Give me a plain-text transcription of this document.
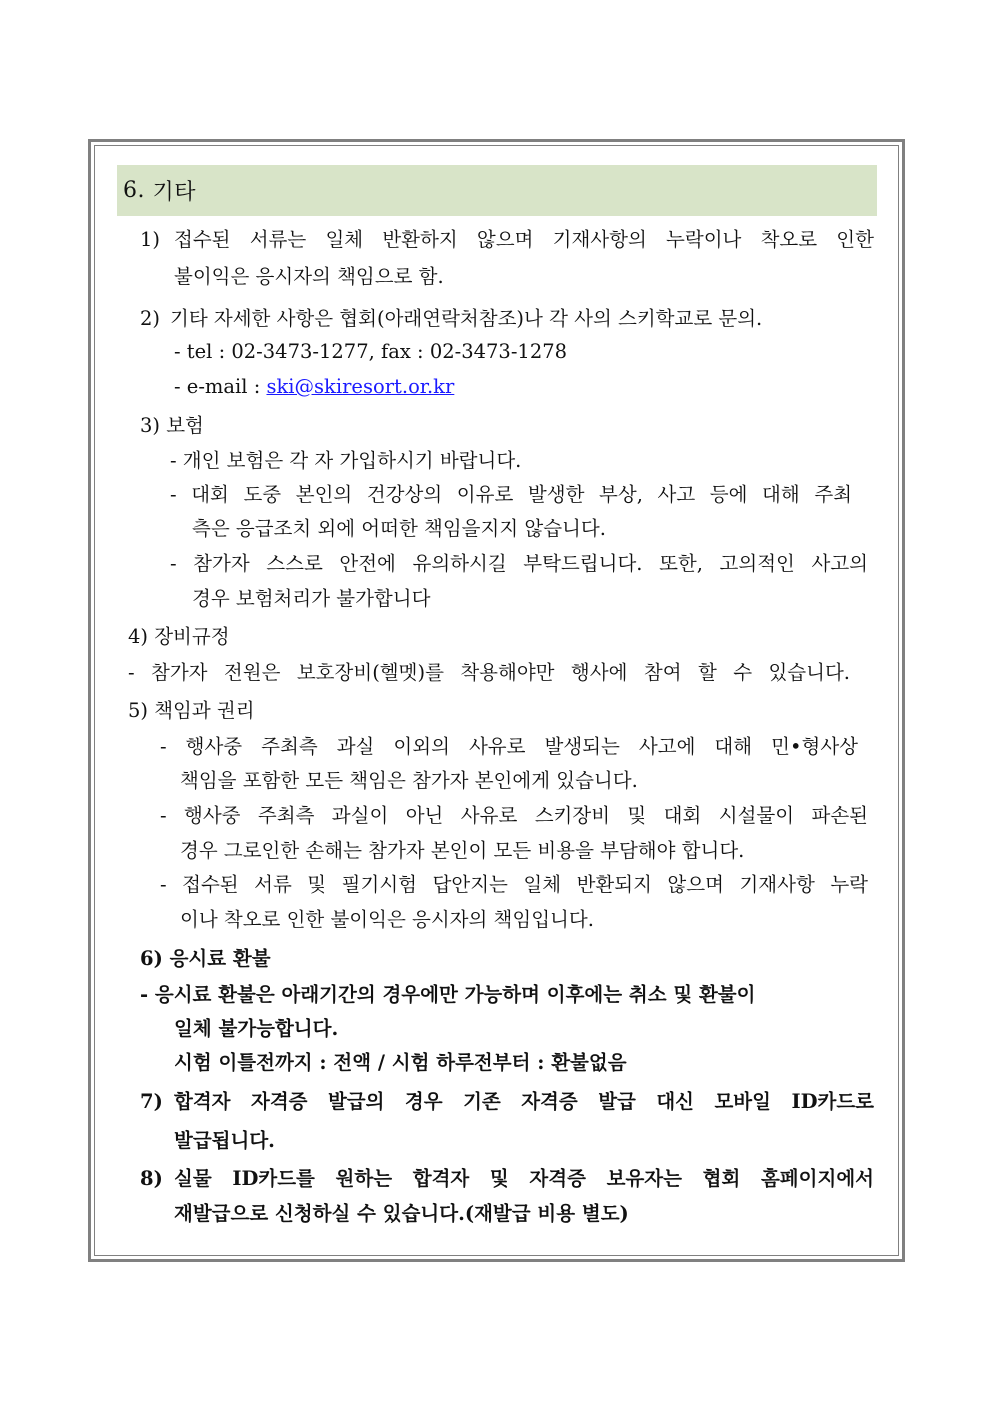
6.
기타
1) 접수된 서류는 일체 반환하지 않으며 기재사항의 누락이나 착오로 인한
불이익은 응시자의 책임으로 함.
2) 기타 자세한 사항은 협회(아래연락처참조)나 각 사의 스키학교로 문의.
- tel : 02-3473-1277, fax : 02-3473-1278
- e-mail : ski@skiresort.or.kr
3) 보험
- 개인 보험은 각 자 가입하시기 바랍니다.
- 대회 도중 본인의 건강상의 이유로 발생한 부상, 사고 등에 대해 주최
측은 응급조치 외에 어떠한 책임을지지 않습니다.
- 참가자 스스로 안전에 유의하시길 부탁드립니다. 또한, 고의적인 사고의
경우 보험처리가 불가합니다
4) 장비규정
- 참가자 전원은 보호장비(헬멧)를 착용해야만 행사에 참여 할 수 있습니다.
5) 책임과 권리
- 행사중 주최측 과실 이외의 사유로 발생되는 사고에 대해 민•형사상
책임을 포함한 모든 책임은 참가자 본인에게 있습니다.
- 행사중 주최측 과실이 아닌 사유로 스키장비 및 대회 시설물이 파손된
경우 그로인한 손해는 참가자 본인이 모든 비용을 부담해야 합니다.
- 접수된 서류 및 필기시험 답안지는 일체 반환되지 않으며 기재사항 누락
이나 착오로 인한 불이익은 응시자의 책임입니다.
6) 응시료 환불
- 응시료 환불은 아래기간의 경우에만 가능하며 이후에는 취소 및 환불이
일체 불가능합니다.
시험 이틀전까지 : 전액 / 시험 하루전부터 : 환불없음
7) 합격자 자격증 발급의 경우 기존 자격증 발급 대신 모바일 ID카드로
발급됩니다.
8) 실물 ID카드를 원하는 합격자 및 자격증 보유자는 협회 홈페이지에서
재발급으로 신청하실 수 있습니다.(재발급 비용 별도)
